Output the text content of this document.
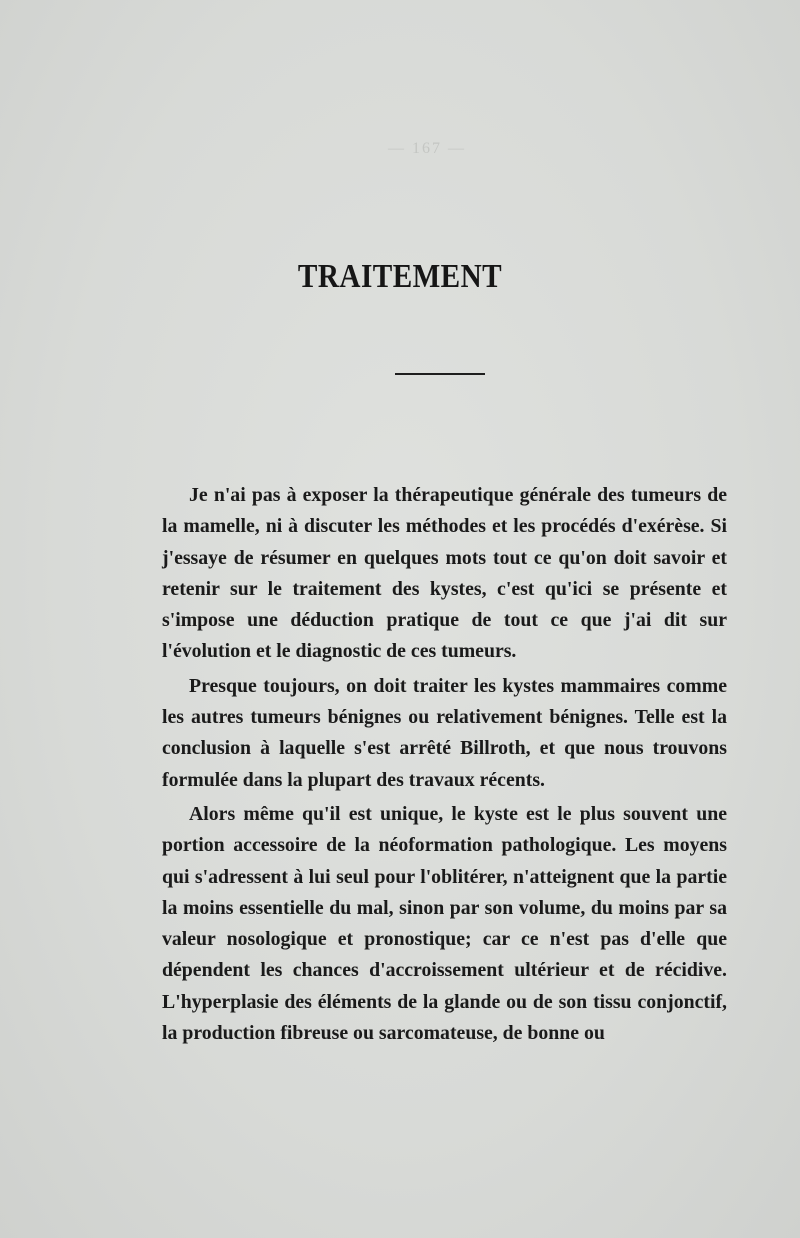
— 167 —
TRAITEMENT

Je n'ai pas à exposer la thérapeutique générale des tumeurs de la mamelle, ni à discuter les méthodes et les procédés d'exérèse. Si j'essaye de résumer en quelques mots tout ce qu'on doit savoir et retenir sur le traitement des kystes, c'est qu'ici se présente et s'impose une déduction pratique de tout ce que j'ai dit sur l'évolution et le diagnostic de ces tumeurs.

Presque toujours, on doit traiter les kystes mammaires comme les autres tumeurs bénignes ou relativement bénignes. Telle est la conclusion à laquelle s'est arrêté Billroth, et que nous trouvons formulée dans la plupart des travaux récents.

Alors même qu'il est unique, le kyste est le plus souvent une portion accessoire de la néoformation pathologique. Les moyens qui s'adressent à lui seul pour l'oblitérer, n'atteignent que la partie la moins essentielle du mal, sinon par son volume, du moins par sa valeur nosologique et pronostique; car ce n'est pas d'elle que dépendent les chances d'accroissement ultérieur et de récidive. L'hyperplasie des éléments de la glande ou de son tissu conjonctif, la production fibreuse ou sarcomateuse, de bonne ou
